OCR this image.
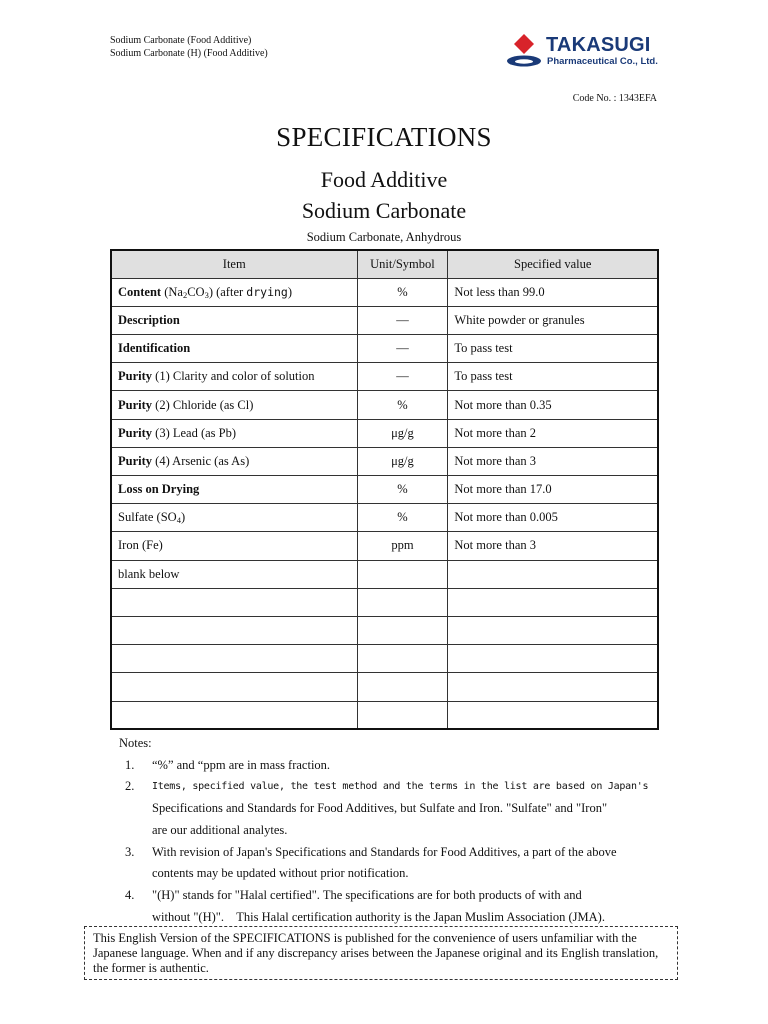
Sodium Carbonate (Food Additive)
Sodium Carbonate (H) (Food Additive)	TAKASUGI
Pharmaceutical Co., Ltd.
Code No. : 1343EFA
SPECIFICATIONS
Food Additive
Sodium Carbonate
Sodium Carbonate, Anhydrous
Item	Unit/Symbol	Specified value
Content $(Na_2CO_3)$ (after drying)	%	Not less than 99.0
Description	—	White powder or granules
Identification	—	To pass test
Purity (1) Clarity and color of solution	—	To pass test
Purity (2) Chloride (as Cl)	%	Not more than 0.35
Purity (3) Lead (as Pb)	μg/g	Not more than 2
Purity (4) Arsenic (as As)	μg/g	Not more than 3
Loss on Drying	%	Not more than 17.0
Sulfate $(SO_4)$	%	Not more than 0.005
Iron (Fe)	ppm	Not more than 3
blank below		

Notes:
1. “%” and “ppm are in mass fraction.
2. Items, specified value, the test method and the terms in the list are based on Japan's
Specifications and Standards for Food Additives, but Sulfate and Iron. "Sulfate" and "Iron"
are our additional analytes.
3. With revision of Japan's Specifications and Standards for Food Additives, a part of the above
contents may be updated without prior notification.
4. "(H)" stands for "Halal certified". The specifications are for both products of with and
without "(H)".    This Halal certification authority is the Japan Muslim Association (JMA).
This English Version of the SPECIFICATIONS is published for the convenience of users unfamiliar with the Japanese language. When and if any discrepancy arises between the Japanese original and its English translation, the former is authentic.
